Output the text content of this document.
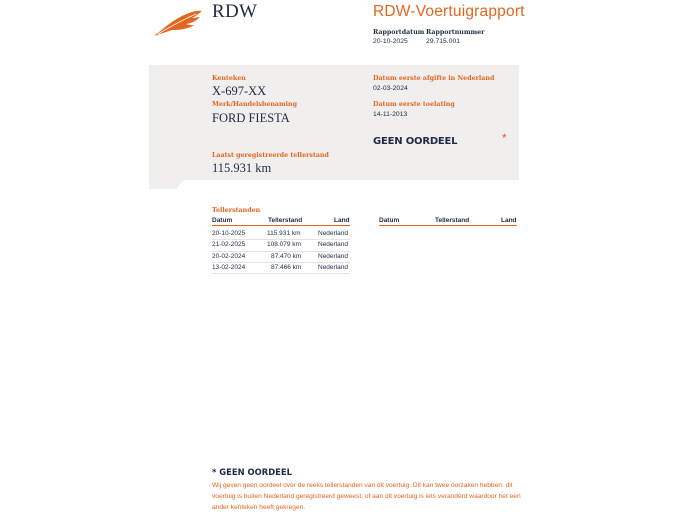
RDW	RDW-Voertuigrapport
Rapportdatum
20-10-2025
Rapportnummer
29.715.001
Kenteken
X-697-XX
Merk/Handelsbenaming
FORD FIESTA
Datum eerste afgifte in Nederland
02-03-2024
Datum eerste toelating
14-11-2013
GEEN OORDEEL	*
Laatst geregistreerde tellerstand
115.931 km
Tellerstanden
Datum	Tellerstand	Land
20-10-2025	115.931 km	Nederland
21-02-2025	108.079 km	Nederland
20-02-2024	87.470 km	Nederland
13-02-2024	87.466 km	Nederland
Datum	Tellerstand	Land
* GEEN OORDEEL
Wij geven geen oordeel over de reeks tellerstanden van dit voertuig. Dit kan twee oorzaken hebben: dit voertuig is buiten Nederland geregistreerd geweest, of aan dit voertuig is iets veranderd waardoor het een ander kenteken heeft gekregen.
